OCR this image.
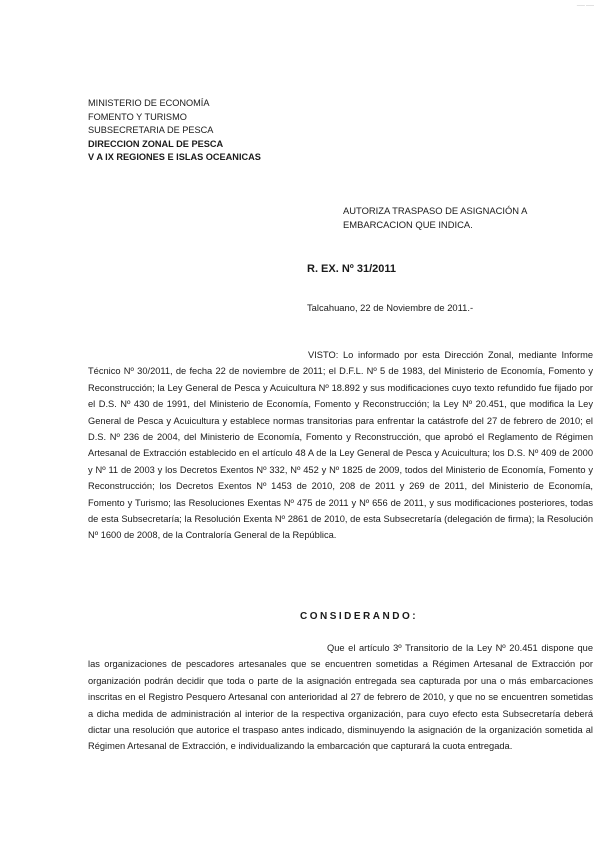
—— ——
MINISTERIO DE ECONOMÍA
FOMENTO Y TURISMO
SUBSECRETARIA DE PESCA
DIRECCION ZONAL DE PESCA
V A IX REGIONES E ISLAS OCEANICAS
AUTORIZA TRASPASO DE ASIGNACIÓN A
EMBARCACION QUE INDICA.
R. EX. Nº 31/2011
Talcahuano, 22 de Noviembre de 2011.-
VISTO: Lo informado por esta Dirección Zonal, mediante Informe Técnico Nº 30/2011, de fecha 22 de noviembre de 2011; el D.F.L. Nº 5 de 1983, del Ministerio de Economía, Fomento y Reconstrucción; la Ley General de Pesca y Acuicultura Nº 18.892 y sus modificaciones cuyo texto refundido fue fijado por el D.S. Nº 430 de 1991, del Ministerio de Economía, Fomento y Reconstrucción; la Ley Nº 20.451, que modifica la Ley General de Pesca y Acuicultura y establece normas transitorias para enfrentar la catástrofe del 27 de febrero de 2010; el D.S. Nº 236 de 2004, del Ministerio de Economía, Fomento y Reconstrucción, que aprobó el Reglamento de Régimen Artesanal de Extracción establecido en el artículo 48 A de la Ley General de Pesca y Acuicultura; los D.S. Nº 409 de 2000 y Nº 11 de 2003 y los Decretos Exentos Nº 332, Nº 452 y Nº 1825 de 2009, todos del Ministerio de Economía, Fomento y Reconstrucción; los Decretos Exentos Nº 1453 de 2010, 208 de 2011 y 269 de 2011, del Ministerio de Economía, Fomento y Turismo; las Resoluciones Exentas Nº 475 de 2011 y Nº 656 de 2011, y sus modificaciones posteriores, todas de esta Subsecretaría; la Resolución Exenta Nº 2861 de 2010, de esta Subsecretaría (delegación de firma); la Resolución Nº 1600 de 2008, de la Contraloría General de la República.
CONSIDERANDO:
Que el artículo 3º Transitorio de la Ley Nº 20.451 dispone que las organizaciones de pescadores artesanales que se encuentren sometidas a Régimen Artesanal de Extracción por organización podrán decidir que toda o parte de la asignación entregada sea capturada por una o más embarcaciones inscritas en el Registro Pesquero Artesanal con anterioridad al 27 de febrero de 2010, y que no se encuentren sometidas a dicha medida de administración al interior de la respectiva organización, para cuyo efecto esta Subsecretaría deberá dictar una resolución que autorice el traspaso antes indicado, disminuyendo la asignación de la organización sometida al Régimen Artesanal de Extracción, e individualizando la embarcación que capturará la cuota entregada.
